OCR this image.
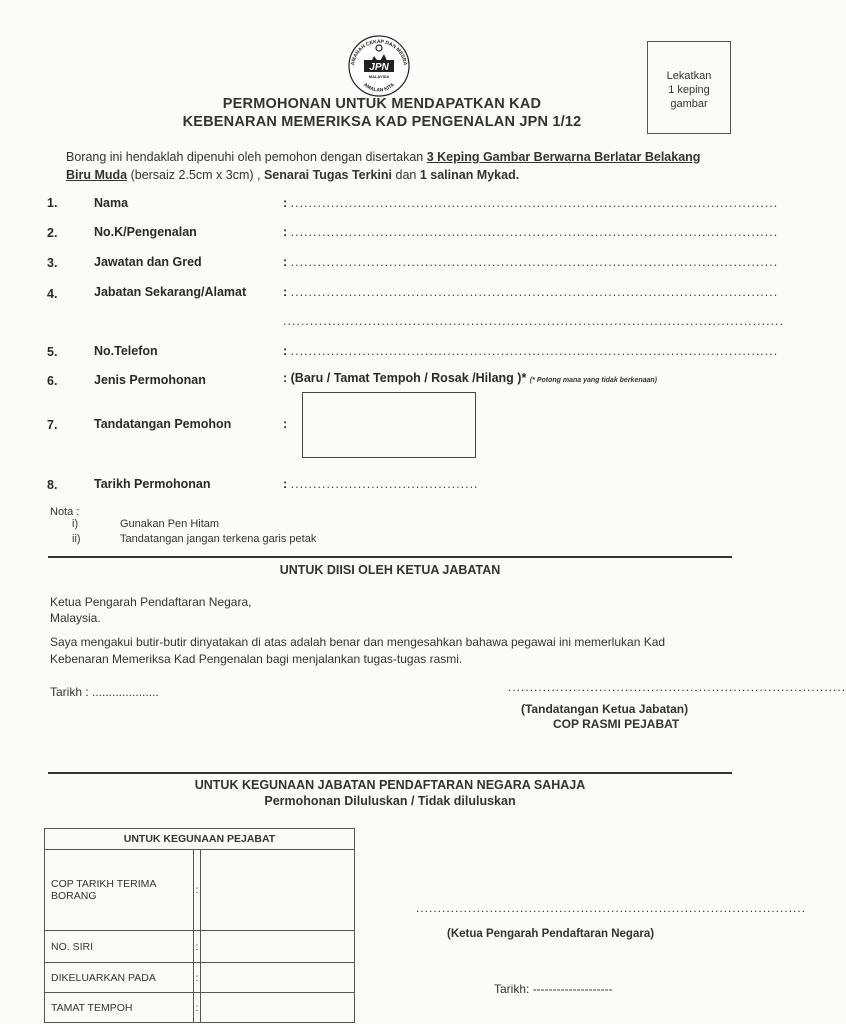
AMANAH CEKAP DAN MESRA
JPN
MALAYSIA
AMALAN KITA
Lekatkan
1 keping
gambar
PERMOHONAN UNTUK MENDAPATKAN KAD
KEBENARAN MEMERIKSA KAD PENGENALAN JPN 1/12
Borang ini hendaklah dipenuhi oleh pemohon dengan disertakan 3 Keping Gambar Berwarna Berlatar Belakang Biru Muda (bersaiz 2.5cm x 3cm) , Senarai Tugas Terkini dan 1 salinan Mykad.
1.	Nama	: .............................................................................................................
2.	No.K/Pengenalan	: .............................................................................................................
3.	Jawatan dan Gred	: .............................................................................................................
4.	Jabatan Sekarang/Alamat	: .............................................................................................................
................................................................................................................
5.	No.Telefon	: .............................................................................................................
6.	Jenis Permohonan	: (Baru / Tamat Tempoh / Rosak /Hilang )* (* Potong mana yang tidak berkenaan)
7.	Tandatangan Pemohon	:
8.	Tarikh Permohonan	: ..........................................
Nota :
i)	Gunakan Pen Hitam
ii)	Tandatangan jangan terkena garis petak
UNTUK DIISI OLEH KETUA JABATAN
Ketua Pengarah Pendaftaran Negara,
Malaysia.
Saya mengakui butir-butir dinyatakan di atas adalah benar dan mengesahkan bahawa pegawai ini memerlukan Kad
Kebenaran Memeriksa Kad Pengenalan bagi menjalankan tugas-tugas rasmi.
Tarikh : ....................	..............................................................................
(Tandatangan Ketua Jabatan)
COP RASMI PEJABAT
UNTUK KEGUNAAN JABATAN PENDAFTARAN NEGARA SAHAJA
Permohonan Diluluskan / Tidak diluluskan
UNTUK KEGUNAAN PEJABAT		

COP TARIKH TERIMA
BORANG	:	
NO. SIRI	:	
DIKELUARKAN PADA	:	
TAMAT TEMPOH	:	
..........................................................................................
(Ketua Pengarah Pendaftaran Negara)
Tarikh: --------------------
